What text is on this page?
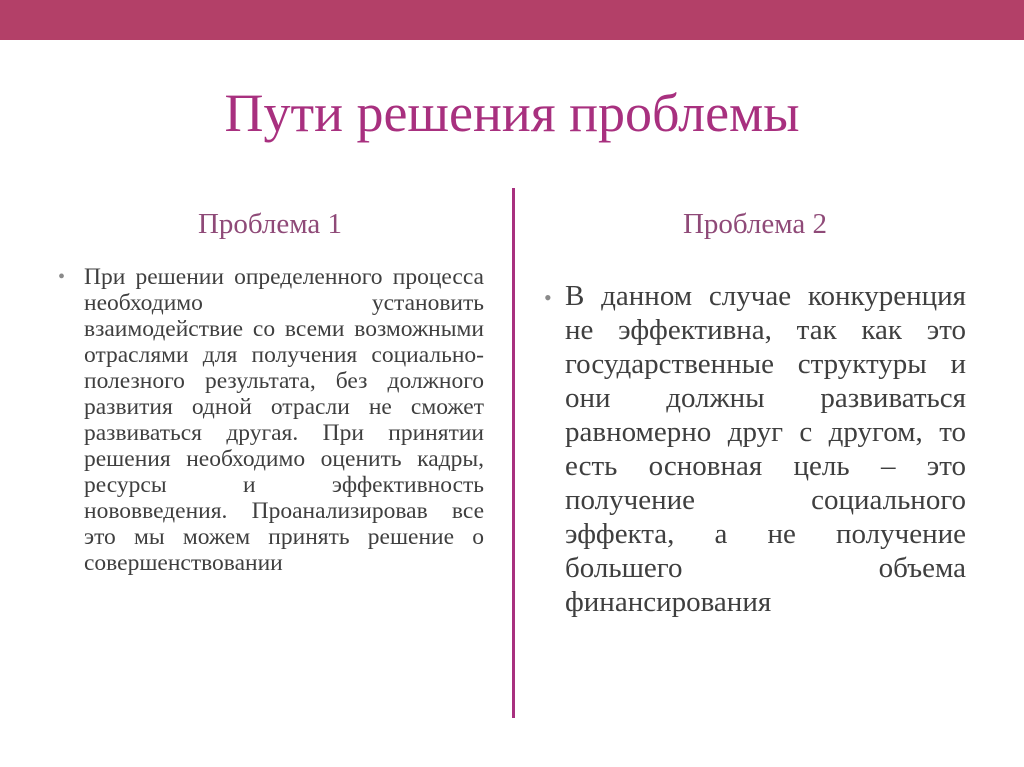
Пути решения проблемы
Проблема 1	Проблема 2
• При решении определенного процесса необходимо установить взаимодействие со всеми возможными отраслями для получения социально-полезного результата, без должного развития одной отрасли не сможет развиваться другая. При принятии решения необходимо оценить кадры, ресурсы и эффективность нововведения. Проанализировав все это мы можем принять решение о совершенствовании

• В данном случае конкуренция не эффективна, так как это государственные структуры и они должны развиваться равномерно друг с другом, то есть основная цель – это получение социального эффекта, а не получение большего объема финансирования
